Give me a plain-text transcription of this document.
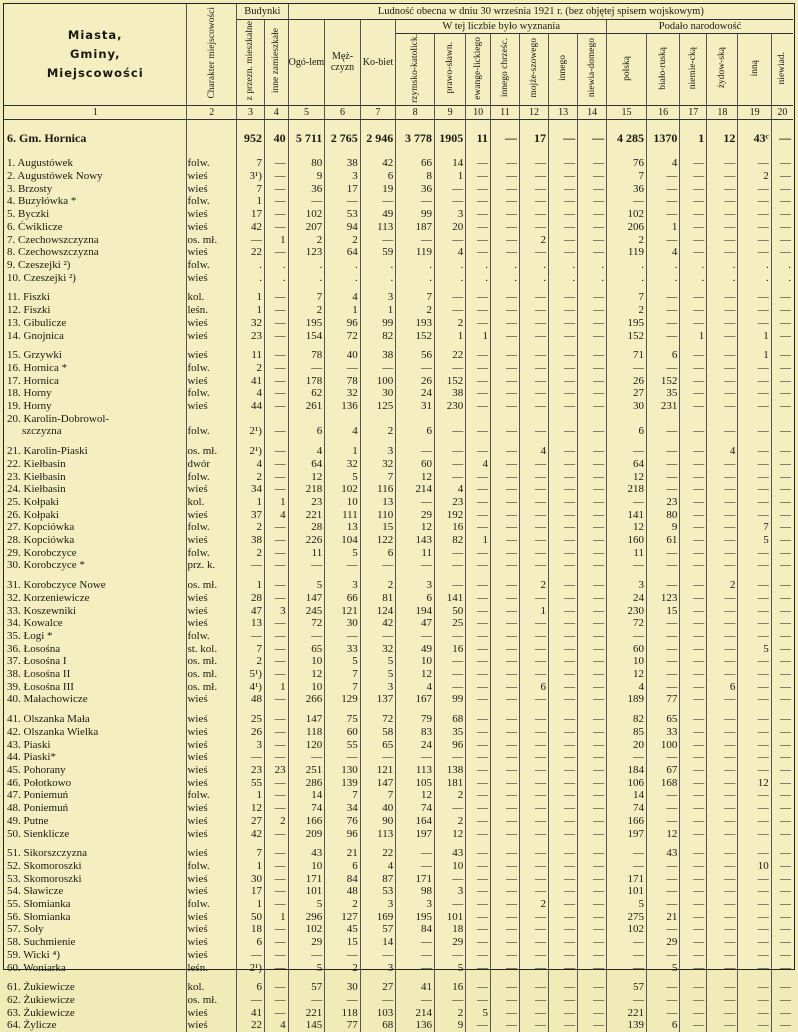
Miasta,
Gminy,
Miejscowości	Charakter miejscowości	Budynki		Ludność obecna w dniu 30 września 1921 r. (bez objętej spisem wojskowym)															
		z przezn. mieszkalne	inne zamieszkałe	Ogó-lem	Męż-czyzn	Ko-biet	W tej liczbie było wyznania							Podało narodowość					
							rzymsko-katolick.	prawo-sławn.	ewange-lickiego	innego chrześc.	mojże-szowego	innego	niewia-domego	polską	biało-ruską	niemie-cką	żydow-ską	inną	niewiad.
1	2	3	4	5	6	7	8	9	10	11	12	13	14	15	16	17	18	19	20

6. Gm. Hornica		952	40	5 711	2 765	2 946	3 778	1905	11	—	17	—	—	4 285	1370	1	12	43ᶜ	—

1. Augustówek	folw.	7	—	80	38	42	66	14	—	—	—	—	—	76	4	—	—	—	—
2. Augustówek Nowy	wieś	3¹)	—	9	3	6	8	1	—	—	—	—	—	7	—	—	—	2	—
3. Brzosty	wieś	7	—	36	17	19	36	—	—	—	—	—	—	36	—	—	—	—	—
4. Buzyłówka *	folw.	1	—	—	—	—	—	—	—	—	—	—	—	—	—	—	—	—	—
5. Byczki	wieś	17	—	102	53	49	99	3	—	—	—	—	—	102	—	—	—	—	—
6. Ćwiklicze	wieś	42	—	207	94	113	187	20	—	—	—	—	—	206	1	—	—	—	—
7. Czechowszczyzna	os. mł.	—	1	2	2	—	—	—	—	—	2	—	—	2	—	—	—	—	—
8. Czechowszczyzna	wieś	22	—	123	64	59	119	4	—	—	—	—	—	119	4	—	—	—	—
9. Czeszejki ²)	folw.	.	.	.	.	.	.	.	.	.	.	.	.	.	.	.	.	.	.
10. Czeszejki ²)	wieś	.	.	.	.	.	.	.	.	.	.	.	.	.	.	.	.	.	.

11. Fiszki	kol.	1	—	7	4	3	7	—	—	—	—	—	—	7	—	—	—	—	—
12. Fiszki	leśn.	1	—	2	1	1	2	—	—	—	—	—	—	2	—	—	—	—	—
13. Gibulicze	wieś	32	—	195	96	99	193	2	—	—	—	—	—	195	—	—	—	—	—
14. Gnojnica	wieś	23	—	154	72	82	152	1	1	—	—	—	—	152	—	1	—	1	—

15. Grzywki	wieś	11	—	78	40	38	56	22	—	—	—	—	—	71	6	—	—	1	—
16. Hornica *	folw.	2	—	—	—	—	—	—	—	—	—	—	—	—	—	—	—	—	—
17. Hornica	wieś	41	—	178	78	100	26	152	—	—	—	—	—	26	152	—	—	—	—
18. Horny	folw.	4	—	62	32	30	24	38	—	—	—	—	—	27	35	—	—	—	—
19. Horny	wieś	44	—	261	136	125	31	230	—	—	—	—	—	30	231	—	—	—	—
20. Karolin-Dobrowol-																			
szczyzna	folw.	2¹)	—	6	4	2	6	—	—	—	—	—	—	6	—	—	—	—	—

21. Karolin-Piaski	os. mł.	2¹)	—	4	1	3	—	—	—	—	4	—	—	—	—	—	4	—	—
22. Kiełbasin	dwór	4	—	64	32	32	60	—	4	—	—	—	—	64	—	—	—	—	—
23. Kiełbasin	folw.	2	—	12	5	7	12	—	—	—	—	—	—	12	—	—	—	—	—
24. Kiełbasin	wieś	34	—	218	102	116	214	4	—	—	—	—	—	218	—	—	—	—	—
25. Kołpaki	kol.	1	1	23	10	13	—	23	—	—	—	—	—	—	23	—	—	—	—
26. Kołpaki	wieś	37	4	221	111	110	29	192	—	—	—	—	—	141	80	—	—	—	—
27. Kopciówka	folw.	2	—	28	13	15	12	16	—	—	—	—	—	12	9	—	—	7	—
28. Kopciówka	wieś	38	—	226	104	122	143	82	1	—	—	—	—	160	61	—	—	5	—
29. Korobczyce	folw.	2	—	11	5	6	11	—	—	—	—	—	—	11	—	—	—	—	—
30. Korobczyce *	prz. k.	—	—	—	—	—	—	—	—	—	—	—	—	—	—	—	—	—	—

31. Korobczyce Nowe	os. mł.	1	—	5	3	2	3	—	—	—	2	—	—	3	—	—	2	—	—
32. Korzeniewicze	wieś	28	—	147	66	81	6	141	—	—	—	—	—	24	123	—	—	—	—
33. Koszewniki	wieś	47	3	245	121	124	194	50	—	—	1	—	—	230	15	—	—	—	—
34. Kowalce	wieś	13	—	72	30	42	47	25	—	—	—	—	—	72	—	—	—	—	—
35. Łogi *	folw.	—	—	—	—	—	—	—	—	—	—	—	—	—	—	—	—	—	—
36. Łosośna	st. kol.	7	—	65	33	32	49	16	—	—	—	—	—	60	—	—	—	5	—
37. Łosośna I	os. mł.	2	—	10	5	5	10	—	—	—	—	—	—	10	—	—	—	—	—
38. Łosośna II	os. mł.	5¹)	—	12	7	5	12	—	—	—	—	—	—	12	—	—	—	—	—
39. Łosośna III	os. mł.	4¹)	1	10	7	3	4	—	—	—	6	—	—	4	—	—	6	—	—
40. Małachowicze	wieś	48	—	266	129	137	167	99	—	—	—	—	—	189	77	—	—	—	—

41. Olszanka Mała	wieś	25	—	147	75	72	79	68	—	—	—	—	—	82	65	—	—	—	—
42. Olszanka Wielka	wieś	26	—	118	60	58	83	35	—	—	—	—	—	85	33	—	—	—	—
43. Piaski	wieś	3	—	120	55	65	24	96	—	—	—	—	—	20	100	—	—	—	—
44. Piaski*	wieś	—	—	—	—	—	—	—	—	—	—	—	—	—	—	—	—	—	—
45. Pohorany	wieś	23	23	251	130	121	113	138	—	—	—	—	—	184	67	—	—	—	—
46. Połotkowo	wieś	55	—	286	139	147	105	181	—	—	—	—	—	106	168	—	—	12	—
47. Poniemuń	folw.	1	—	14	7	7	12	2	—	—	—	—	—	14	—	—	—	—	—
48. Poniemuń	wieś	12	—	74	34	40	74	—	—	—	—	—	—	74	—	—	—	—	—
49. Putne	wieś	27	2	166	76	90	164	2	—	—	—	—	—	166	—	—	—	—	—
50. Sienklicze	wieś	42	—	209	96	113	197	12	—	—	—	—	—	197	12	—	—	—	—

51. Sikorszczyzna	wieś	7	—	43	21	22	—	43	—	—	—	—	—	—	43	—	—	—	—
52. Skomoroszki	folw.	1	—	10	6	4	—	10	—	—	—	—	—	—	—	—	—	10	—
53. Skomoroszki	wieś	30	—	171	84	87	171	—	—	—	—	—	—	171	—	—	—	—	—
54. Sławicze	wieś	17	—	101	48	53	98	3	—	—	—	—	—	101	—	—	—	—	—
55. Słomianka	folw.	1	—	5	2	3	3	—	—	—	2	—	—	5	—	—	—	—	—
56. Słomianka	wieś	50	1	296	127	169	195	101	—	—	—	—	—	275	21	—	—	—	—
57. Soły	wieś	18	—	102	45	57	84	18	—	—	—	—	—	102	—	—	—	—	—
58. Suchmienie	wieś	6	—	29	15	14	—	29	—	—	—	—	—	—	29	—	—	—	—
59. Wicki ⁴)	wieś	—	—	—	—	—	—	—	—	—	—	—	—	—	—	—	—	—	—
60. Woniarka	leśn.	2¹)	—	5	2	3	—	5	—	—	—	—	—	—	5	—	—	—	—

61. Żukiewicze	kol.	6	—	57	30	27	41	16	—	—	—	—	—	57	—	—	—	—	—
62. Żukiewicze	os. mł.	—	—	—	—	—	—	—	—	—	—	—	—	—	—	—	—	—	—
63. Żukiewicze	wieś	41	—	221	118	103	214	2	5	—	—	—	—	221	—	—	—	—	—
64. Żylicze	wieś	22	4	145	77	68	136	9	—	—	—	—	—	139	6	—	—	—	—
